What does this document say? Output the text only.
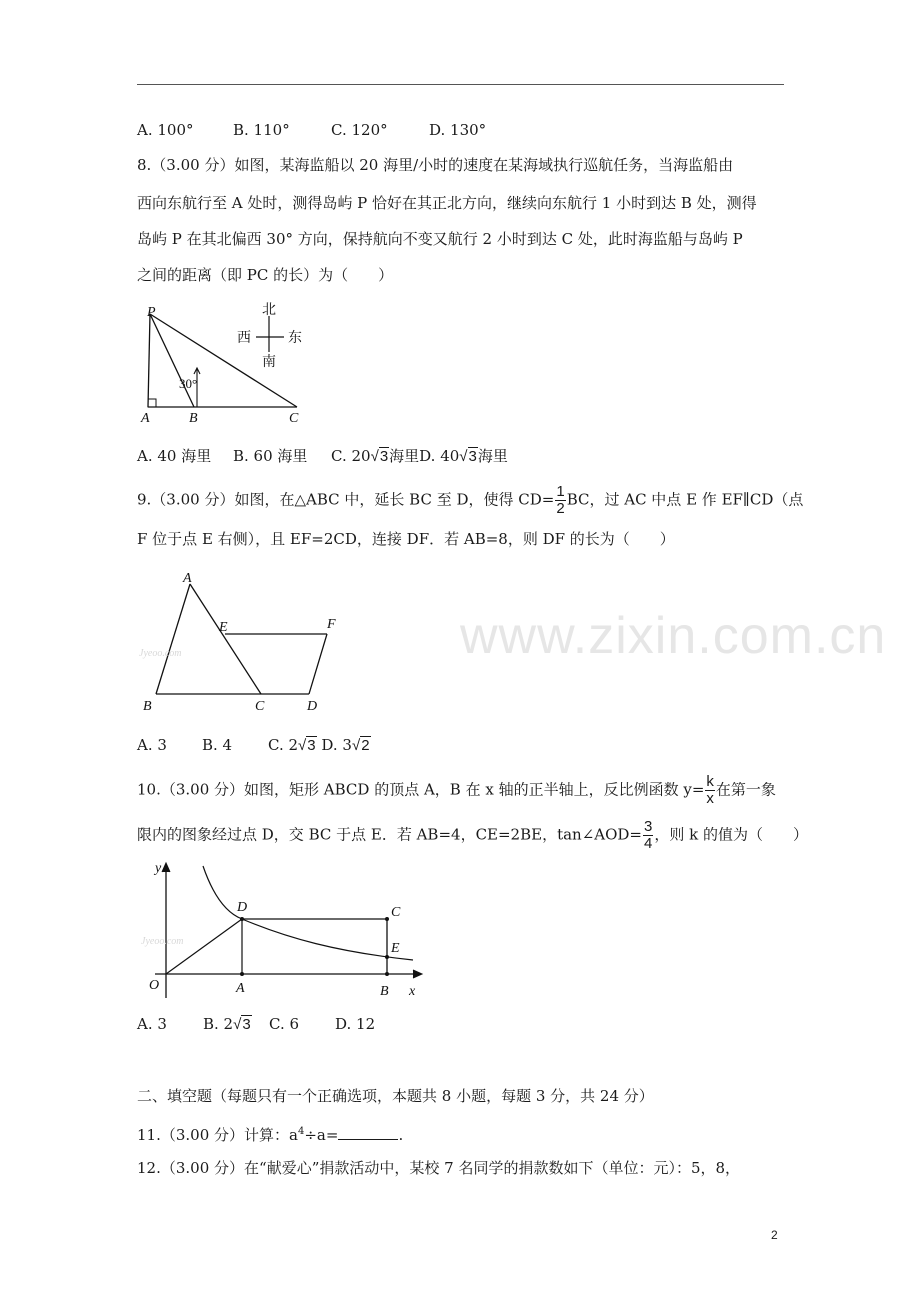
www.zixin.com.cn
A. 100°	B. 110°	C. 120°	D. 130°
8.（3.00 分）如图，某海监船以 20 海里/小时的速度在某海域执行巡航任务，当海监船由
西向东航行至 A 处时，测得岛屿 P 恰好在其正北方向，继续向东航行 1 小时到达 B 处，测得
岛屿 P 在其北偏西 30° 方向，保持航向不变又航行 2 小时到达 C 处，此时海监船与岛屿 P
之间的距离（即 PC 的长）为（　　）
P
A	B	C
30°
北
西	东
南
A. 40 海里 B. 60 海里 C. 20√3海里D. 40√3海里
9.（3.00 分）如图，在△ABC 中，延长 BC 至 D，使得 $CD= \frac{1}{2}$ BC，过 AC 中点 E 作 EF∥CD（点
F 位于点 E 右侧），且 EF=2CD，连接 DF．若 AB=8，则 DF 的长为（　　）
Jyeoo.com
A
E	F
B	C	D
A. 3 B. 4 C. 2√3 D. 3√2
10.（3.00 分）如图，矩形 ABCD 的顶点 A，B 在 x 轴的正半轴上，反比例函数 $y= \frac{k}{x}$ 在第一象
限内的图象经过点 D，交 BC 于点 E．若 AB=4，CE=2BE，tan∠AOD= $\frac{3}{4}$ ，则 k 的值为（　　）
Jyeoo.com
y
x
O	A	B
C
D
E
A. 3 B. 2√3 C. 6 D. 12
二、填空题（每题只有一个正确选项，本题共 8 小题，每题 3 分，共 24 分）
11.（3.00 分）计算：$a^4\div a=$	.
12.（3.00 分）在“献爱心”捐款活动中，某校 7 名同学的捐款数如下（单位：元）：5，8，
2
